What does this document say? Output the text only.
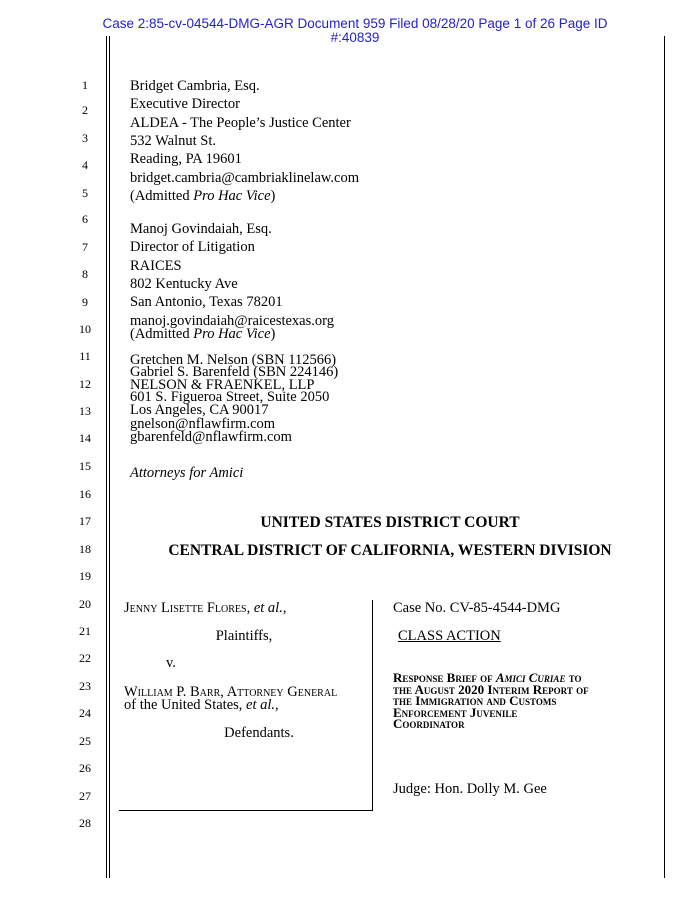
Case 2:85-cv-04544-DMG-AGR Document 959 Filed 08/28/20 Page 1 of 26 Page ID
#:40839
1
2
3
4
5
6
7
8
9
10
11
12
13
14
15
16
17
18
19
20
21
22
23
24
25
26
27
28
Bridget Cambria, Esq.
Executive Director
ALDEA - The People’s Justice Center
532 Walnut St.
Reading, PA 19601
bridget.cambria@cambriaklinelaw.com
(Admitted Pro Hac Vice)
Manoj Govindaiah, Esq.
Director of Litigation
RAICES
802 Kentucky Ave
San Antonio, Texas 78201
manoj.govindaiah@raicestexas.org
(Admitted Pro Hac Vice)
Gretchen M. Nelson (SBN 112566)
Gabriel S. Barenfeld (SBN 224146)
NELSON & FRAENKEL, LLP
601 S. Figueroa Street, Suite 2050
Los Angeles, CA 90017
gnelson@nflawfirm.com
gbarenfeld@nflawfirm.com
Attorneys for Amici
UNITED STATES DISTRICT COURT
CENTRAL DISTRICT OF CALIFORNIA, WESTERN DIVISION
Jenny Lisette Flores, et al.,
Plaintiffs,
v.
William P. Barr, Attorney General
of the United States, et al.,
Defendants.
Case No. CV-85-4544-DMG
CLASS ACTION
Response Brief of Amici Curiae to
the August 2020 Interim Report of
the Immigration and Customs
Enforcement Juvenile
Coordinator
Judge: Hon. Dolly M. Gee
